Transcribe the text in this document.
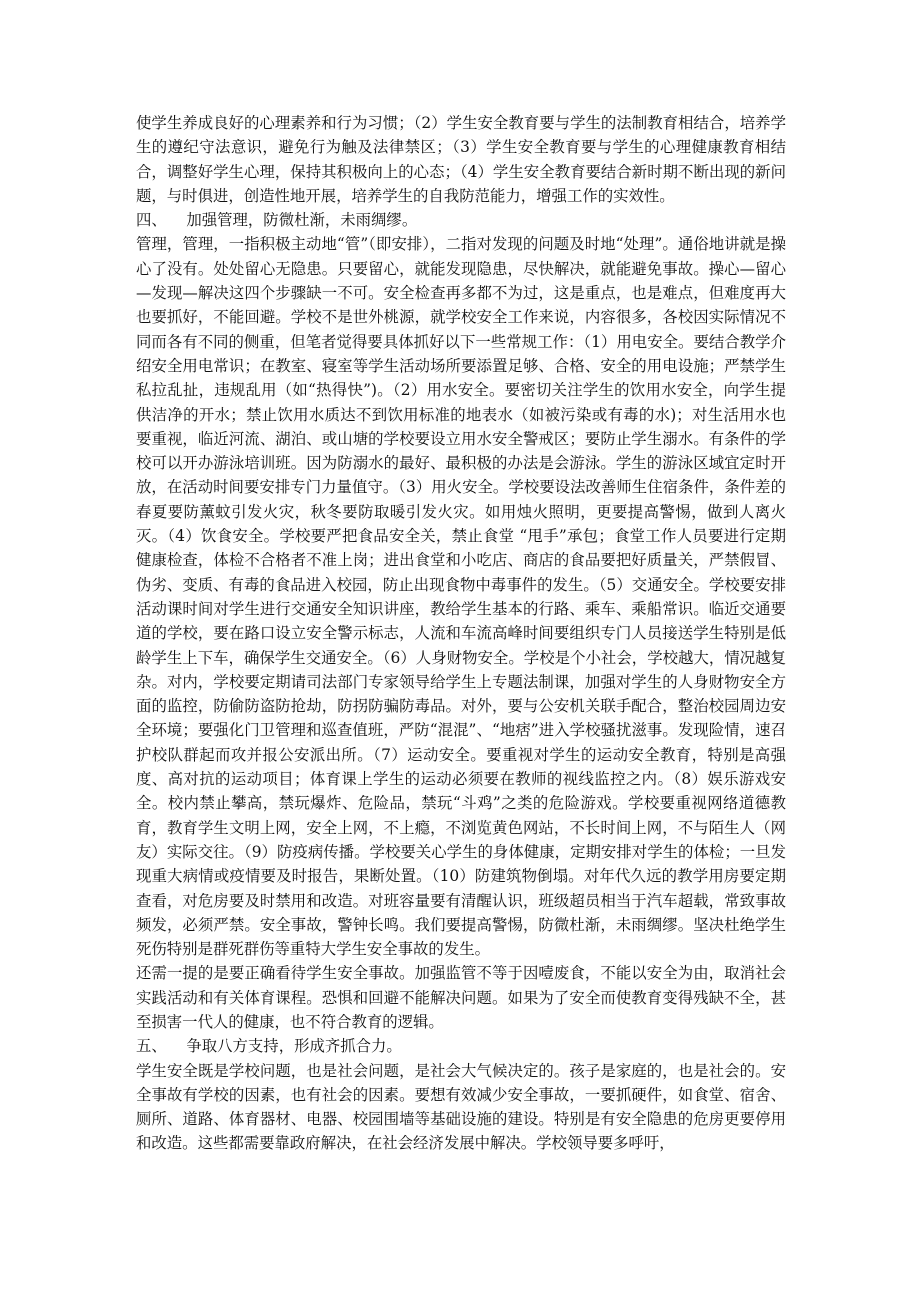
使学生养成良好的心理素养和行为习惯；（2）学生安全教育要与学生的法制教育相结合，培养学生的遵纪守法意识，避免行为触及法律禁区；（3）学生安全教育要与学生的心理健康教育相结合，调整好学生心理，保持其积极向上的心态；（4）学生安全教育要结合新时期不断出现的新问题，与时俱进，创造性地开展，培养学生的自我防范能力，增强工作的实效性。

四、    加强管理，防微杜渐，未雨绸缪。

管理，管理，一指积极主动地“管”（即安排），二指对发现的问题及时地“处理”。通俗地讲就是操心了没有。处处留心无隐患。只要留心，就能发现隐患，尽快解决，就能避免事故。操心—留心—发现—解决这四个步骤缺一不可。安全检查再多都不为过，这是重点，也是难点，但难度再大也要抓好，不能回避。学校不是世外桃源，就学校安全工作来说，内容很多，各校因实际情况不同而各有不同的侧重，但笔者觉得要具体抓好以下一些常规工作：（1）用电安全。要结合教学介绍安全用电常识；在教室、寝室等学生活动场所要添置足够、合格、安全的用电设施；严禁学生私拉乱扯，违规乱用（如“热得快”)。（2）用水安全。要密切关注学生的饮用水安全，向学生提供洁净的开水；禁止饮用水质达不到饮用标准的地表水（如被污染或有毒的水)；对生活用水也要重视，临近河流、湖泊、或山塘的学校要设立用水安全警戒区；要防止学生溺水。有条件的学校可以开办游泳培训班。因为防溺水的最好、最积极的办法是会游泳。学生的游泳区域宜定时开放，在活动时间要安排专门力量值守。（3）用火安全。学校要设法改善师生住宿条件，条件差的春夏要防薰蚊引发火灾，秋冬要防取暖引发火灾。如用烛火照明，更要提高警惕，做到人离火灭。（4）饮食安全。学校要严把食品安全关，禁止食堂 “甩手”承包；食堂工作人员要进行定期健康检查，体检不合格者不准上岗；进出食堂和小吃店、商店的食品要把好质量关，严禁假冒、伪劣、变质、有毒的食品进入校园，防止出现食物中毒事件的发生。（5）交通安全。学校要安排活动课时间对学生进行交通安全知识讲座，教给学生基本的行路、乘车、乘船常识。临近交通要道的学校，要在路口设立安全警示标志，人流和车流高峰时间要组织专门人员接送学生特别是低龄学生上下车，确保学生交通安全。（6）人身财物安全。学校是个小社会，学校越大，情况越复杂。对内，学校要定期请司法部门专家领导给学生上专题法制课，加强对学生的人身财物安全方面的监控，防偷防盗防抢劫，防拐防骗防毒品。对外，要与公安机关联手配合，整治校园周边安全环境；要强化门卫管理和巡查值班，严防“混混”、“地痞”进入学校骚扰滋事。发现险情，速召护校队群起而攻并报公安派出所。（7）运动安全。要重视对学生的运动安全教育，特别是高强度、高对抗的运动项目；体育课上学生的运动必须要在教师的视线监控之内。（8）娱乐游戏安全。校内禁止攀高，禁玩爆炸、危险品，禁玩“斗鸡”之类的危险游戏。学校要重视网络道德教育，教育学生文明上网，安全上网，不上瘾，不浏览黄色网站，不长时间上网，不与陌生人（网友）实际交往。（9）防疫病传播。学校要关心学生的身体健康，定期安排对学生的体检；一旦发现重大病情或疫情要及时报告，果断处置。（10）防建筑物倒塌。对年代久远的教学用房要定期查看，对危房要及时禁用和改造。对班容量要有清醒认识，班级超员相当于汽车超载，常致事故频发，必须严禁。安全事故，警钟长鸣。我们要提高警惕，防微杜渐，未雨绸缪。坚决杜绝学生死伤特别是群死群伤等重特大学生安全事故的发生。

还需一提的是要正确看待学生安全事故。加强监管不等于因噎废食，不能以安全为由，取消社会实践活动和有关体育课程。恐惧和回避不能解决问题。如果为了安全而使教育变得残缺不全，甚至损害一代人的健康，也不符合教育的逻辑。

五、    争取八方支持，形成齐抓合力。

学生安全既是学校问题，也是社会问题，是社会大气候决定的。孩子是家庭的，也是社会的。安全事故有学校的因素，也有社会的因素。要想有效减少安全事故，一要抓硬件，如食堂、宿舍、厕所、道路、体育器材、电器、校园围墙等基础设施的建设。特别是有安全隐患的危房更要停用和改造。这些都需要靠政府解决，在社会经济发展中解决。学校领导要多呼吁，
